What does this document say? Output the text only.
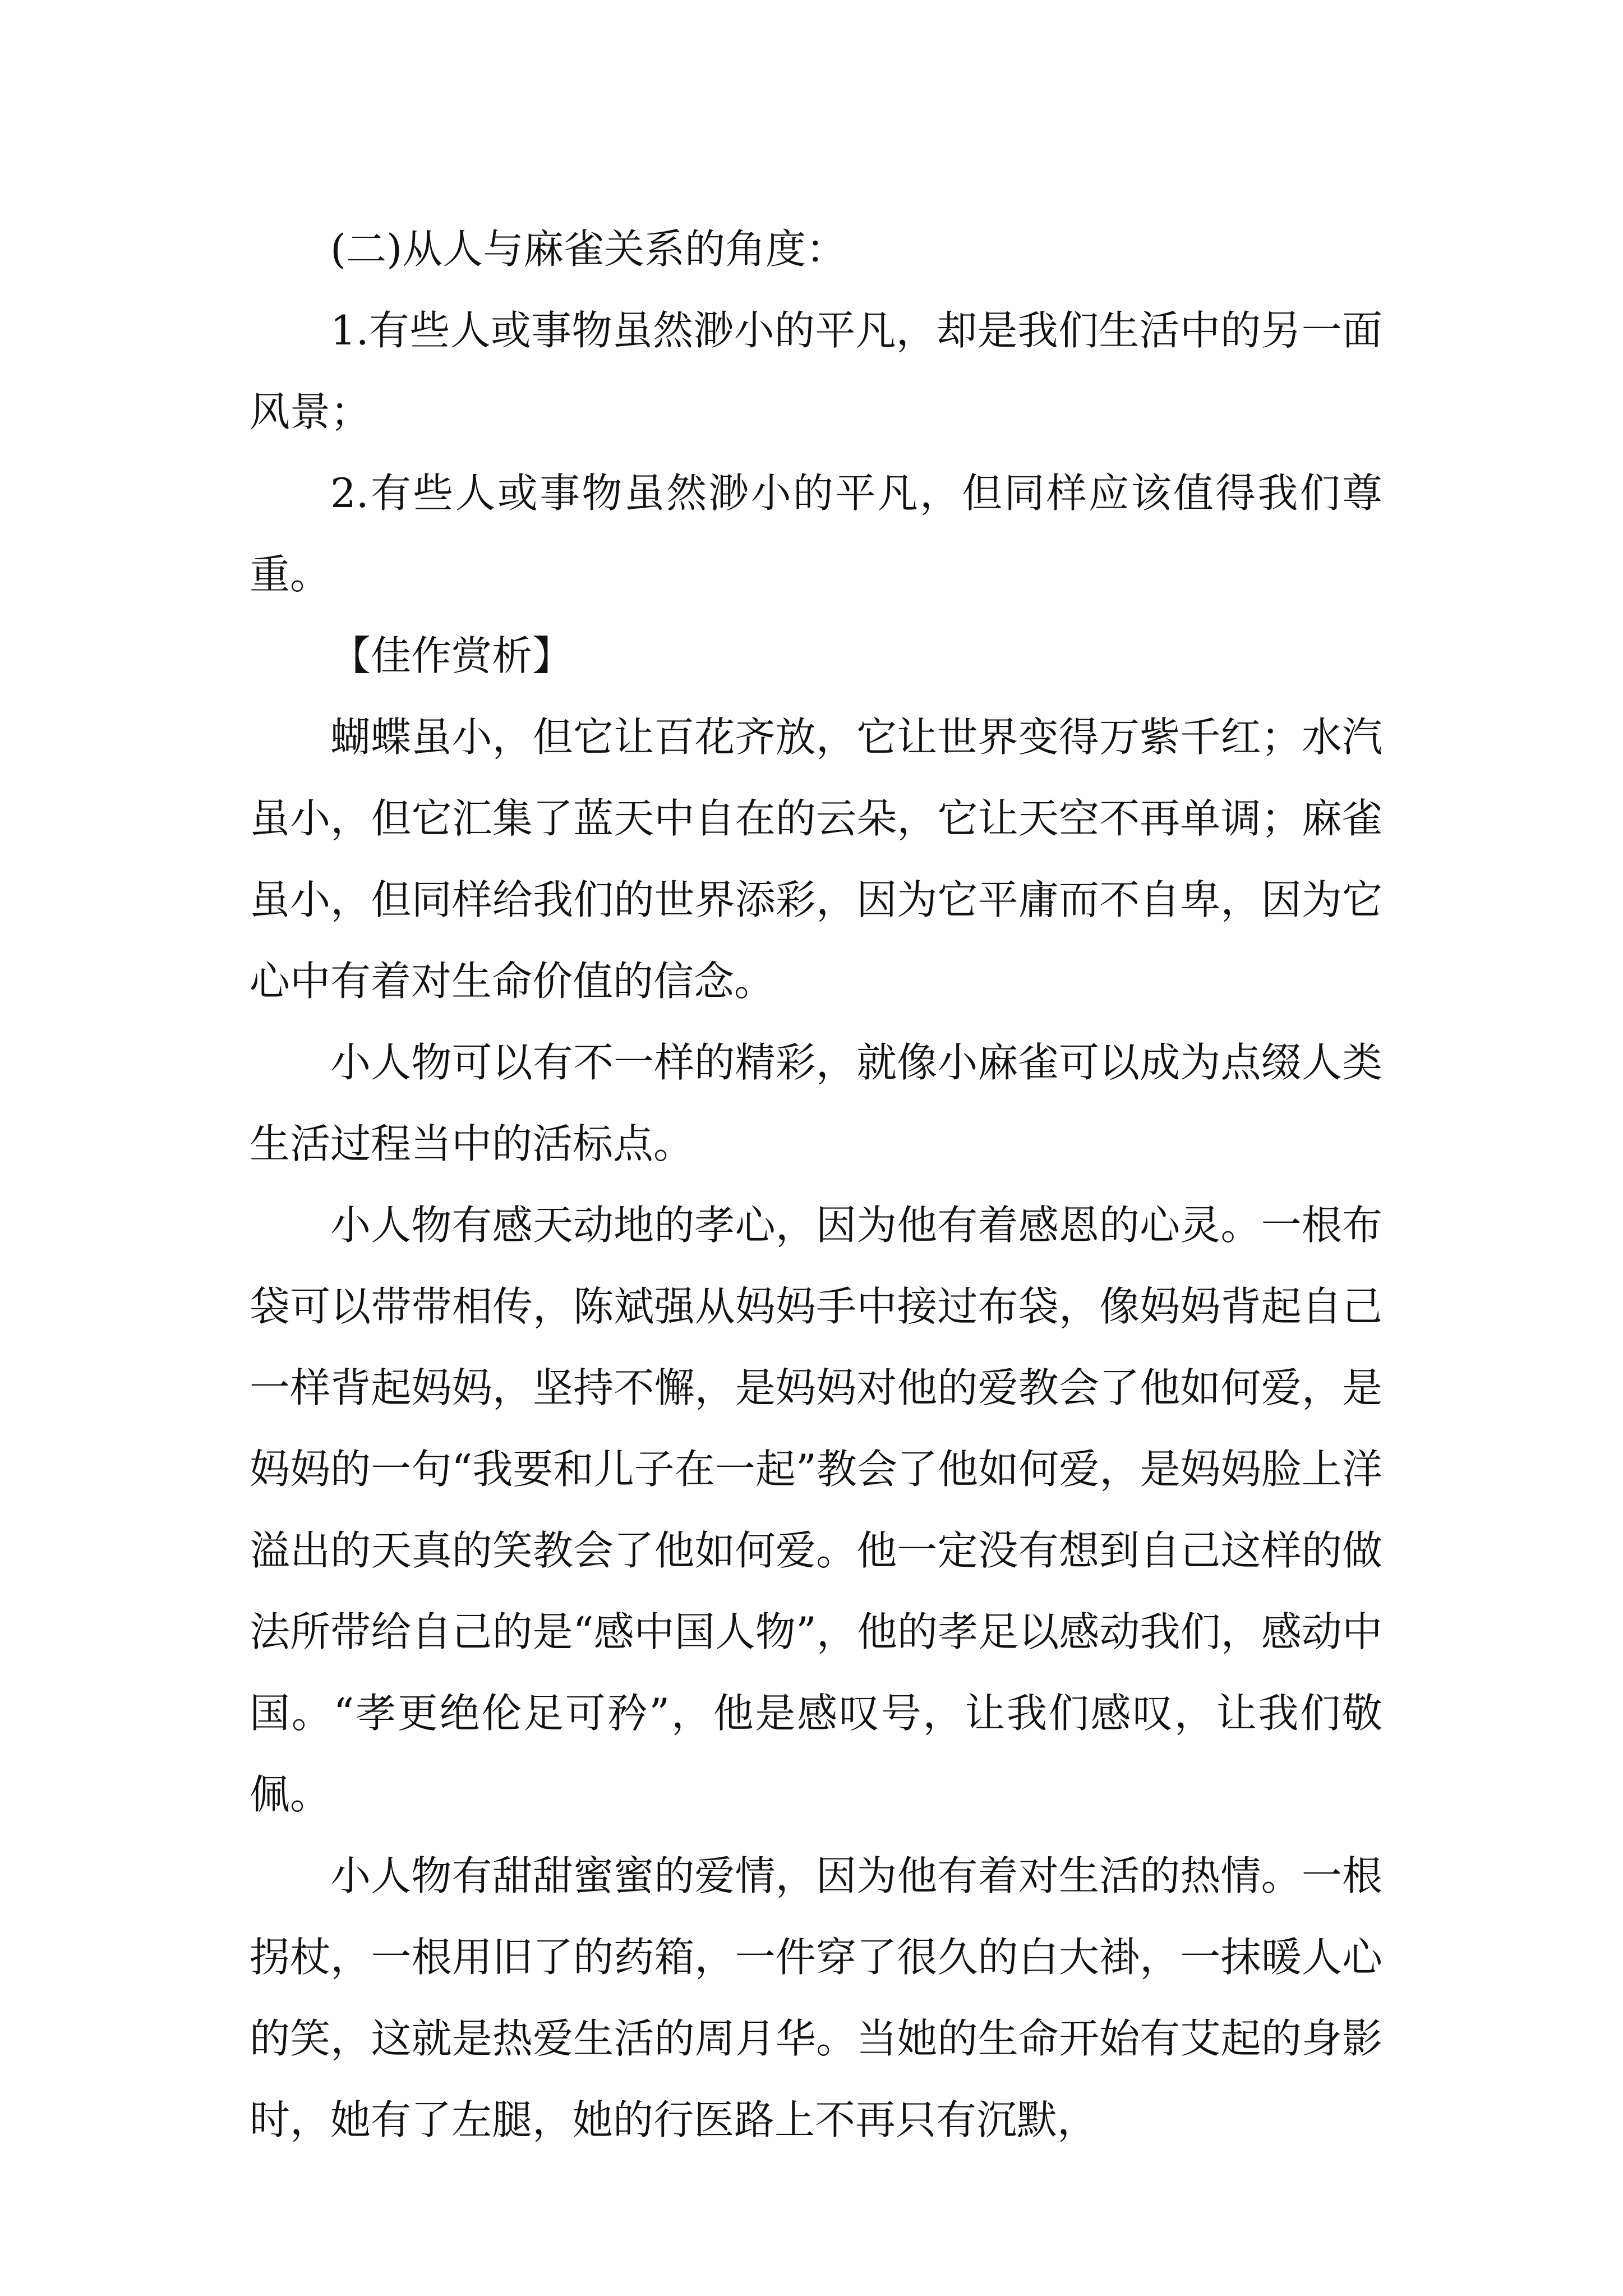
(二)从人与麻雀关系的角度：

1.有些人或事物虽然渺小的平凡，却是我们生活中的另一面风景；

2.有些人或事物虽然渺小的平凡，但同样应该值得我们尊重。

【佳作赏析】

蝴蝶虽小，但它让百花齐放，它让世界变得万紫千红；水汽虽小，但它汇集了蓝天中自在的云朵，它让天空不再单调；麻雀虽小，但同样给我们的世界添彩，因为它平庸而不自卑，因为它心中有着对生命价值的信念。

小人物可以有不一样的精彩，就像小麻雀可以成为点缀人类生活过程当中的活标点。

小人物有感天动地的孝心，因为他有着感恩的心灵。一根布袋可以带带相传，陈斌强从妈妈手中接过布袋，像妈妈背起自己一样背起妈妈，坚持不懈，是妈妈对他的爱教会了他如何爱，是妈妈的一句“我要和儿子在一起”教会了他如何爱，是妈妈脸上洋溢出的天真的笑教会了他如何爱。他一定没有想到自己这样的做法所带给自己的是“感中国人物”，他的孝足以感动我们，感动中国。“孝更绝伦足可矜”，他是感叹号，让我们感叹，让我们敬佩。

小人物有甜甜蜜蜜的爱情，因为他有着对生活的热情。一根拐杖，一根用旧了的药箱，一件穿了很久的白大褂，一抹暖人心的笑，这就是热爱生活的周月华。当她的生命开始有艾起的身影时，她有了左腿，她的行医路上不再只有沉默，
